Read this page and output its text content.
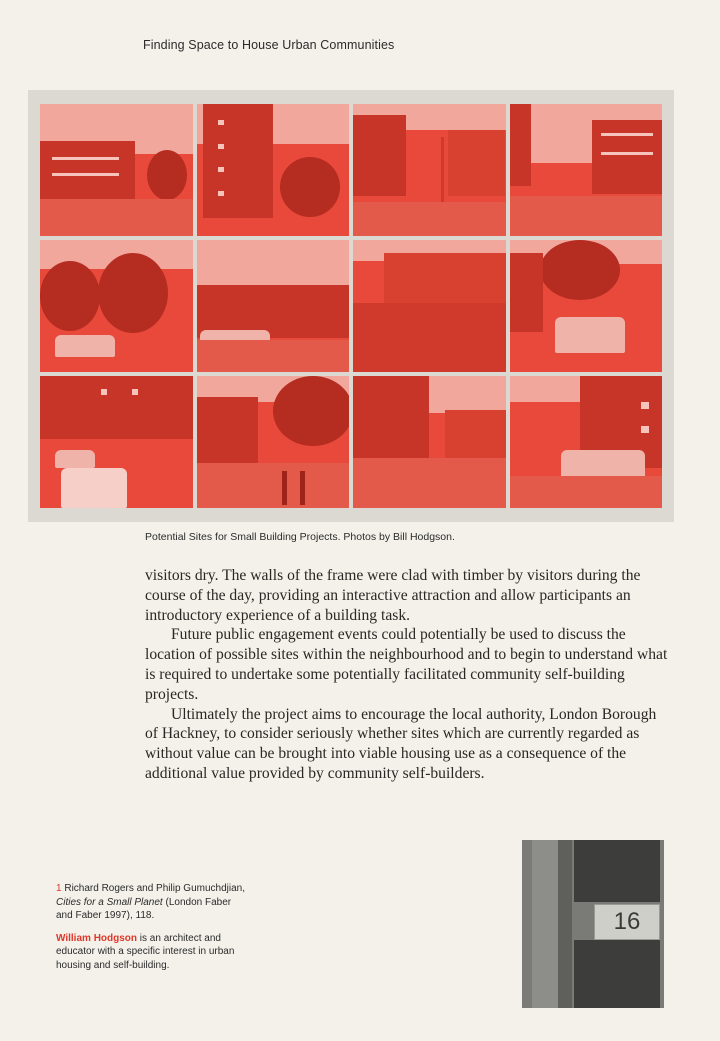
Finding Space to House Urban Communities
Potential Sites for Small Building Projects. Photos by Bill Hodgson.

visitors dry. The walls of the frame were clad with timber by visitors during the course of the day, providing an interactive attraction and allow participants an introductory experience of a building task.

Future public engagement events could potentially be used to discuss the location of possible sites within the neighbourhood and to begin to understand what is required to undertake some potentially facilitated community self-building projects.

Ultimately the project aims to encourage the local authority, London Borough of Hackney, to consider seriously whether sites which are currently regarded as without value can be brought into viable housing use as a consequence of the additional value provided by community self-builders.

1 Richard Rogers and Philip Gumuchdjian, Cities for a Small Planet (London Faber and Faber 1997), 118.

William Hodgson is an architect and educator with a specific interest in urban housing and self-building.

16
